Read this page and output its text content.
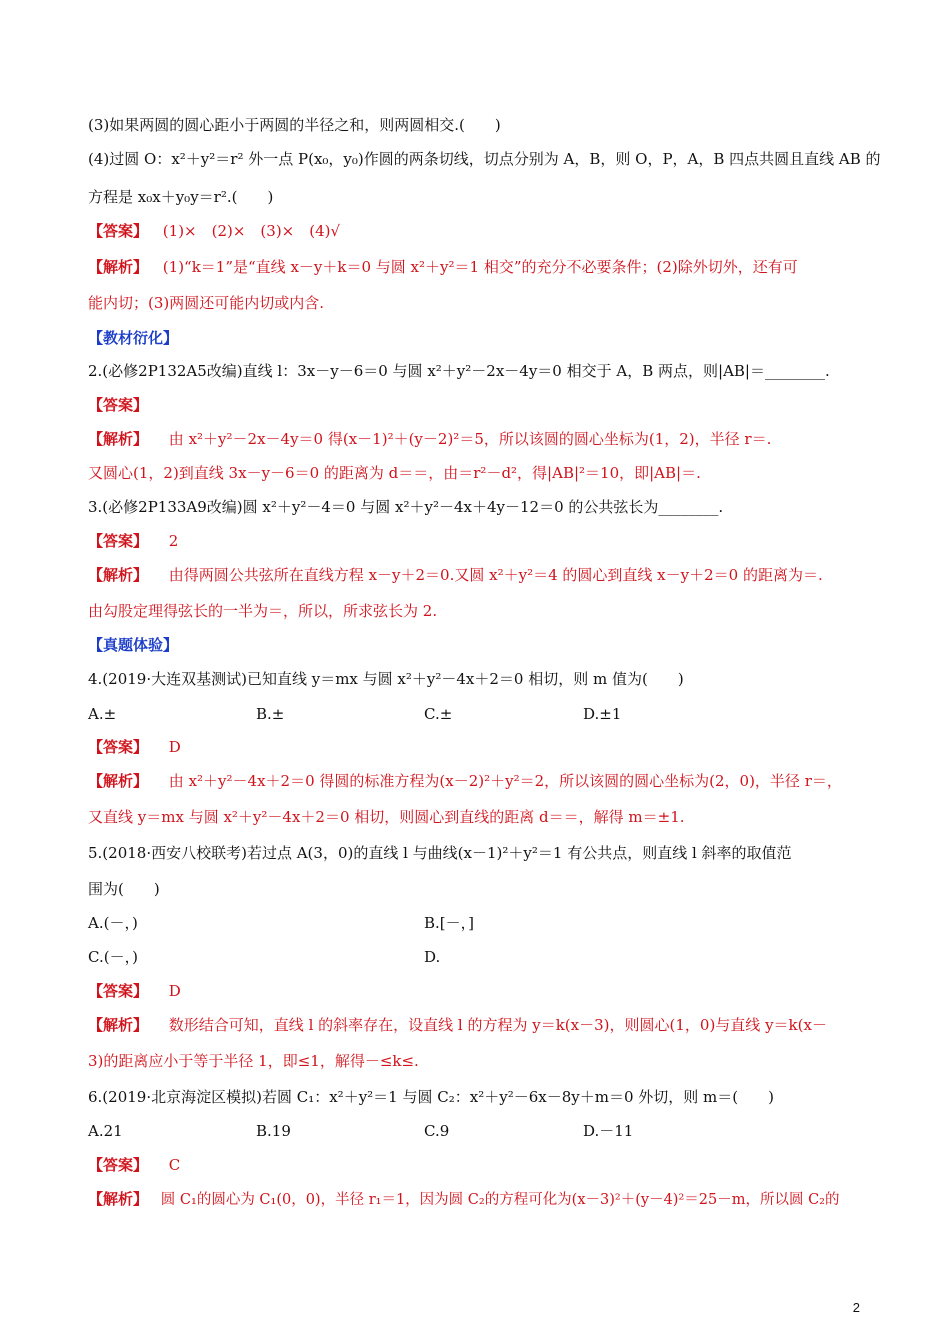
(3)如果两圆的圆心距小于两圆的半径之和，则两圆相交.(　　)
(4)过圆 O：x²＋y²＝r² 外一点 P(x₀，y₀)作圆的两条切线，切点分别为 A，B，则 O，P，A，B 四点共圆且直线 AB 的
方程是 x₀x＋y₀y＝r².(　　)
【答案】 (1)×　(2)×　(3)×　(4)√
【解析】 (1)“k＝1”是“直线 x－y＋k＝0 与圆 x²＋y²＝1 相交”的充分不必要条件；(2)除外切外，还有可
能内切；(3)两圆还可能内切或内含.
【教材衍化】
2.(必修2P132A5改编)直线 l：3x－y－6＝0 与圆 x²＋y²－2x－4y＝0 相交于 A，B 两点，则|AB|＝________.
【答案】
【解析】 由 x²＋y²－2x－4y＝0 得(x－1)²＋(y－2)²＝5，所以该圆的圆心坐标为(1，2)，半径 r＝.
又圆心(1，2)到直线 3x－y－6＝0 的距离为 d＝＝，由＝r²－d²，得|AB|²＝10，即|AB|＝.
3.(必修2P133A9改编)圆 x²＋y²－4＝0 与圆 x²＋y²－4x＋4y－12＝0 的公共弦长为________.
【答案】 2
【解析】 由得两圆公共弦所在直线方程 x－y＋2＝0.又圆 x²＋y²＝4 的圆心到直线 x－y＋2＝0 的距离为＝.
由勾股定理得弦长的一半为＝，所以，所求弦长为 2.
【真题体验】
4.(2019·大连双基测试)已知直线 y＝mx 与圆 x²＋y²－4x＋2＝0 相切，则 m 值为(　　)
A.±	B.±	C.±	D.±1
【答案】 D
【解析】 由 x²＋y²－4x＋2＝0 得圆的标准方程为(x－2)²＋y²＝2，所以该圆的圆心坐标为(2，0)，半径 r＝，
又直线 y＝mx 与圆 x²＋y²－4x＋2＝0 相切，则圆心到直线的距离 d＝＝，解得 m＝±1.
5.(2018·西安八校联考)若过点 A(3，0)的直线 l 与曲线(x－1)²＋y²＝1 有公共点，则直线 l 斜率的取值范
围为(　　)
A.(－，)	B.[－，]
C.(－，)	D.
【答案】 D
【解析】 数形结合可知，直线 l 的斜率存在，设直线 l 的方程为 y＝k(x－3)，则圆心(1，0)与直线 y＝k(x－
3)的距离应小于等于半径 1，即≤1，解得－≤k≤.
6.(2019·北京海淀区模拟)若圆 C₁：x²＋y²＝1 与圆 C₂：x²＋y²－6x－8y＋m＝0 外切，则 m＝(　　)
A.21	B.19	C.9	D.－11
【答案】 C
【解析】 圆 C₁的圆心为 C₁(0，0)，半径 r₁＝1，因为圆 C₂的方程可化为(x－3)²＋(y－4)²＝25－m，所以圆 C₂的
2
